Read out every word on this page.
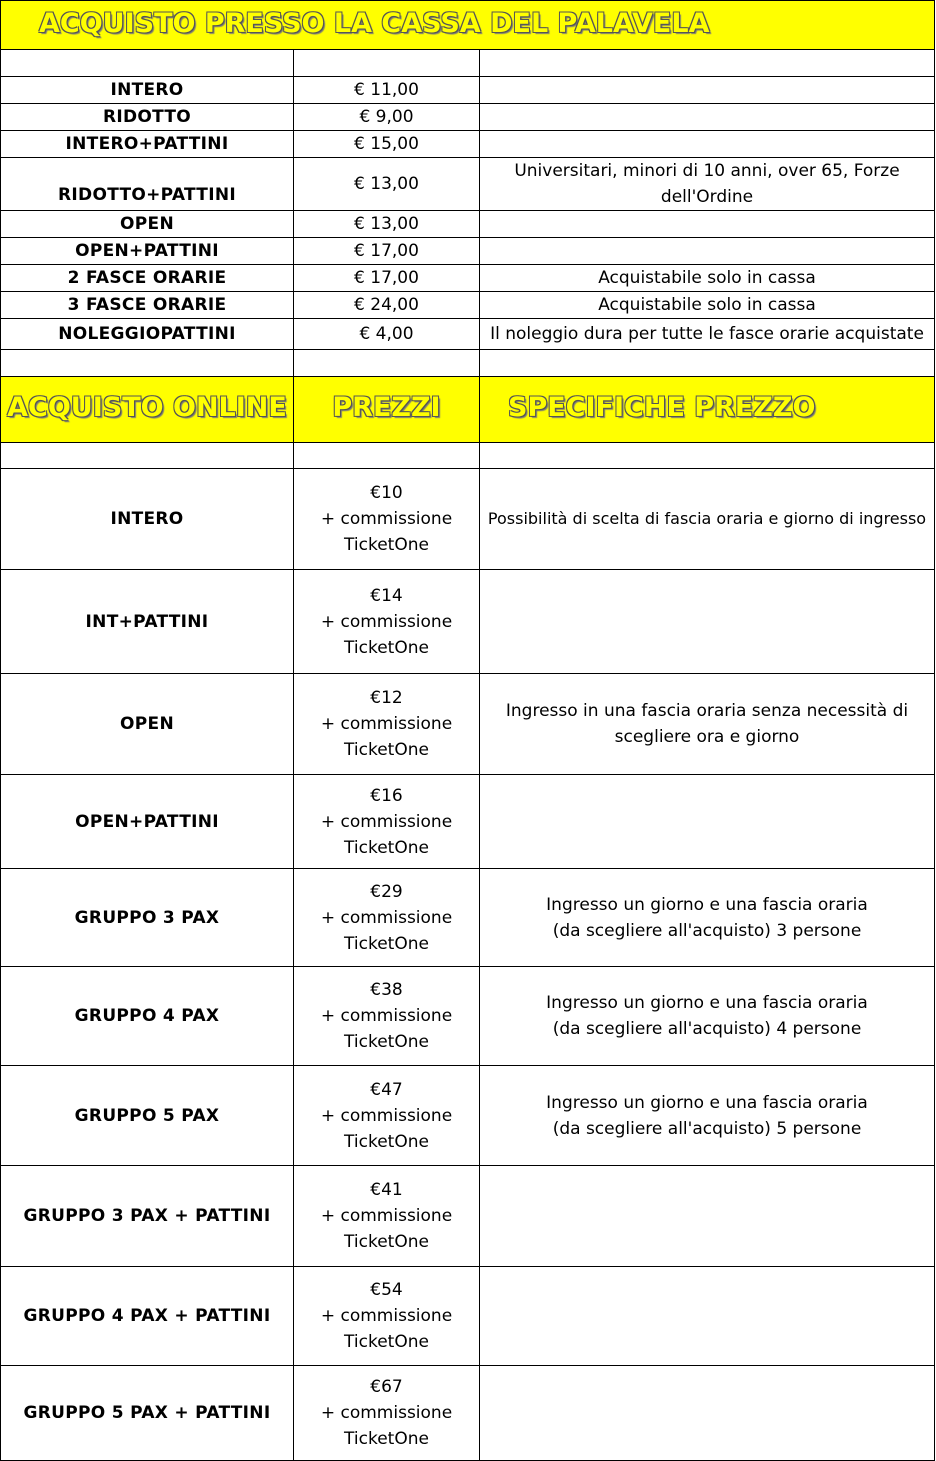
ACQUISTO PRESSO LA CASSA DEL PALAVELA		

INTERO	€ 11,00	
RIDOTTO	€ 9,00	
INTERO+PATTINI	€ 15,00	
RIDOTTO+PATTINI	€ 13,00	Universitari, minori di 10 anni, over 65, Forze
dell'Ordine

OPEN	€ 13,00	
OPEN+PATTINI	€ 17,00	
2 FASCE ORARIE	€ 17,00	Acquistabile solo in cassa
3 FASCE ORARIE	€ 24,00	Acquistabile solo in cassa
NOLEGGIOPATTINI	€ 4,00	Il noleggio dura per tutte le fasce orarie acquistate

ACQUISTO ONLINE	PREZZI	SPECIFICHE PREZZO

INTERO	€10
+ commissione
TicketOne	Possibilità di scelta di fascia oraria e giorno di ingresso

INT+PATTINI	€14
+ commissione
TicketOne	

OPEN	€12
+ commissione
TicketOne	Ingresso in una fascia oraria senza necessità di
scegliere ora e giorno

OPEN+PATTINI	€16
+ commissione
TicketOne	

GRUPPO 3 PAX	€29
+ commissione
TicketOne	Ingresso un giorno e una fascia oraria
(da scegliere all'acquisto) 3 persone

GRUPPO 4 PAX	€38
+ commissione
TicketOne	Ingresso un giorno e una fascia oraria
(da scegliere all'acquisto) 4 persone

GRUPPO 5 PAX	€47
+ commissione
TicketOne	Ingresso un giorno e una fascia oraria
(da scegliere all'acquisto) 5 persone

GRUPPO 3 PAX + PATTINI	€41
+ commissione
TicketOne	

GRUPPO 4 PAX + PATTINI	€54
+ commissione
TicketOne	

GRUPPO 5 PAX + PATTINI	€67
+ commissione
TicketOne	
